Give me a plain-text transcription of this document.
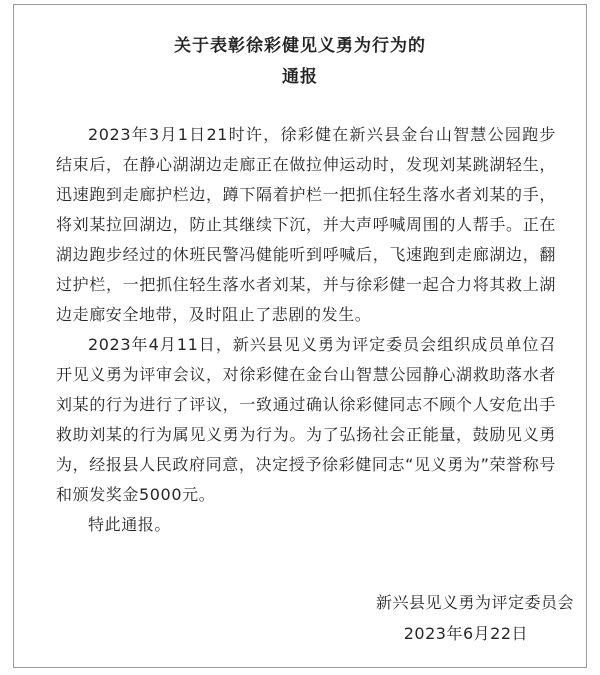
关于表彰徐彩健见义勇为行为的
通报

2023年3月1日21时许，徐彩健在新兴县金台山智慧公园跑步结束后，在静心湖湖边走廊正在做拉伸运动时，发现刘某跳湖轻生，迅速跑到走廊护栏边，蹲下隔着护栏一把抓住轻生落水者刘某的手，将刘某拉回湖边，防止其继续下沉，并大声呼喊周围的人帮手。正在湖边跑步经过的休班民警冯健能听到呼喊后，飞速跑到走廊湖边，翻过护栏，一把抓住轻生落水者刘某，并与徐彩健一起合力将其救上湖边走廊安全地带，及时阻止了悲剧的发生。

2023年4月11日，新兴县见义勇为评定委员会组织成员单位召开见义勇为评审会议，对徐彩健在金台山智慧公园静心湖救助落水者刘某的行为进行了评议，一致通过确认徐彩健同志不顾个人安危出手救助刘某的行为属见义勇为行为。为了弘扬社会正能量，鼓励见义勇为，经报县人民政府同意，决定授予徐彩健同志“见义勇为”荣誉称号和颁发奖金5000元。

特此通报。

新兴县见义勇为评定委员会
2023年6月22日
